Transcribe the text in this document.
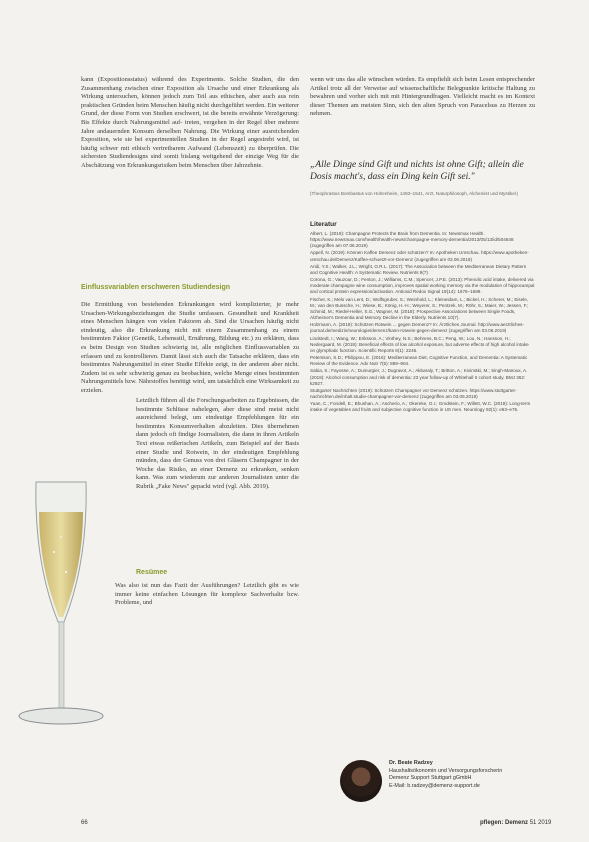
kann (Expositionsstatus) während des Experiments. Solche Studien, die den Zusammenhang zwischen einer Exposition als Ursache und einer Erkrankung als Wirkung untersuchen, können jedoch zum Teil aus ethischen, aber auch aus rein praktischen Gründen beim Menschen häufig nicht durchgeführt werden. Ein weiterer Grund, der diese Form von Studien erschwert, ist die bereits erwähnte Verzögerung: Bis Effekte durch Nahrungsmittel auf- treten, vergehen in der Regel über mehrere Jahre andauernden Konsum derselben Nahrung. Die Wirkung einer ausreichenden Exposition, wie sie bei experimentellen Studien in der Regel angestrebt wird, ist häufig schwer mit ethisch vertretbarem Aufwand (Lebenszeit) zu überprüfen. Die sichersten Studiendesigns sind somit bislang weitgehend der einzige Weg für die Abschätzung von Erkrankungsrisiken beim Menschen über Jahrzehnte.

Einflussvariablen erschweren Studiendesign

Die Ermittlung von bestehenden Erkrankungen wird komplizierter, je mehr Ursachen-Wirkungsbeziehungen die Studie umfassen. Gesundheit und Krankheit eines Menschen hängen von vielen Faktoren ab. Sind die Ursachen häufig nicht eindeutig, also die Erkrankung nicht mit einem Zusammenhang zu einem bestimmten Faktor (Genetik, Lebensstil, Ernährung, Bildung etc.) zu erklären, dass es beim Design von Studien schwierig ist, alle möglichen Einflussvariablen zu erfassen und zu kontrollieren. Damit lässt sich auch die Tatsache erklären, dass ein bestimmtes Nahrungsmittel in einer Studie Effekte zeigt, in der anderen aber nicht. Zudem ist es sehr schwierig genau zu beobachten, welche Menge eines bestimmten Nahrungsmittels bzw. Nährstoffes benötigt wird, um tatsächlich eine Wirksamkeit zu erzielen.

Letztlich führen all die Forschungsarbeiten zu Ergebnissen, die bestimmte Schlüsse nahelegen, aber diese sind meist nicht ausreichend belegt, um eindeutige Empfehlungen für ein bestimmtes Konsumverhalten abzuleiten. Dies übernehmen dann jedoch oft findige Journalisten, die dann in ihren Artikeln Text etwas reißerischen Artikeln, zum Beispiel auf der Basis einer Studie und Rotwein, in der eindeutigen Empfehlung münden, dass der Genuss von drei Gläsern Champagner in der Woche das Risiko, an einer Demenz zu erkranken, senken kann. Was zum wiederum zur anderen Journalisten unter die Rubrik „Fake News" gepackt wird (vgl. Abb. 2019).

Resümee

Was also ist nun das Fazit der Ausführungen? Letztlich gibt es wie immer keine einfachen Lösungen für komplexe Sachverhalte bzw. Probleme, und

wenn wir uns das alle wünschen würden. Es empfiehlt sich beim Lesen entsprechender Artikel trotz all der Verweise auf wissenschaftliche Belegpunkte kritische Haltung zu bewahren und vorher sich mit mit Hintergrundfragen. Vielleicht macht es im Kontext dieser Themen am meisten Sinn, sich den alten Spruch von Paracelsus zu Herzen zu nehmen.

„Alle Dinge sind Gift und nichts ist ohne Gift; allein die Dosis macht's, dass ein Ding kein Gift sei."
(Theophrastus Bombastus von Hohenheim, 1493–1541, Arzt, Naturphilosoph, Alchemist und Mystiker)
Literatur
Albert, L. (2019): Champagne Protects the Brain from Dementia. In: Newsmax Health. https://www.newsmax.com/health/health-news/champagne-memory-dementia/2013/05/13/id/504648 (zugegriffen am 07.06.2019)
Appell, N. (2019): Können Kaffee Demenz oder schützen? In: Apotheken Umschau. https://www.apotheken-umschau.de/Demenz/Kaffee-schuetzt-vor-Demenz (zugegriffen am 03.06.2019)
Aridi, Y.S.; Walker, J.L.; Wright, O.R.L. (2017): The Association between the Mediterranean Dietary Pattern and Cognitive Health: A Systematic Review. Nutrients 9(7)
Corona, G.; Vauzour, D.; Fenton, J.; Williams, C.M.; Spencer, J.P.E. (2013): Phenolic acid intake, delivered via moderate champagne wine consumption, improves spatial working memory via the modulation of hippocampal and cortical protein expression/activation. Antioxid Redox Signal 19(14): 1676–1689.
Fischer, K.; Melo van Lent, D.; Wolfsgruber, S.; Weinhold, L.; Kleineidam, L.; Bickel, H.; Scherer, M.; Eisele, M.; van den Bussche, H.; Wiese, B.; König, H.-H.; Weyerer, S.; Pentzek, M.; Röhr, S.; Maier, W.; Jessen, F.; Schmid, M.; Riedel-Heller, S.G.; Wagner, M. (2018): Prospective Associations between Single Foods, Alzheimer's Dementia and Memory Decline in the Elderly. Nutrients 10(7).
Holzmann, A. (2019): Schützen Rotwein ... gegen Demenz? In: Ärztliches Journal. http://www.aerztliches-journal.de/medizin/neurologie/demenz/kann-rotwein-gegen-demenz (zugegriffen am 03.06.2019)
Lindstedt, I.; Wang, W.; Eriksson, A.; Vinthey, N.S.; Behrens, B.C.; Peng, W.; Lou, N.; Hansson, H.; Nedergaard, M. (2018): Beneficial effects of low alcohol exposure, but adverse effects of high alcohol intake on glymphatic function. Scientific Reports 8(1): 2246.
Petersson, S.D.; Philippou, E. (2016): Mediterranean Diet, Cognitive Function, and Dementia: A Systematic Review of the Evidence. Adv Nutr 7(5): 889–904.
Sabia, S.; Fayosse, A.; Dumurgier, J.; Dugravot, A.; Akbaraly, T.; Britton, A.; Kivimäki, M.; Singh-Manoux, A. (2018): Alcohol consumption and risk of dementia: 23 year follow-up of Whitehall II cohort study. BMJ 362: k2927.
Stuttgarter Nachrichten (2019): Schützen Champagner vor Demenz schützen. https://www.stuttgarter-nachrichten.de/inhalt.studie-champagner-vor-demenz (zugegriffen am 03.06.2019)
Yuan, C.; Fondell, E.; Bhushan, A.; Ascherio, A.; Okereke, O.I.; Grodstein, F.; Willett, W.C. (2019): Long-term intake of vegetables and fruits and subjective cognitive function in US men. Neurology 92(1): e63–e75.

Dr. Beate Radzey

Haushaltsökonomin und Versorgungsforscherin

Demenz Support Stuttgart gGmbH

E-Mail: b.radzey@demenz-support.de

66	pflegen: Demenz 51 2019
